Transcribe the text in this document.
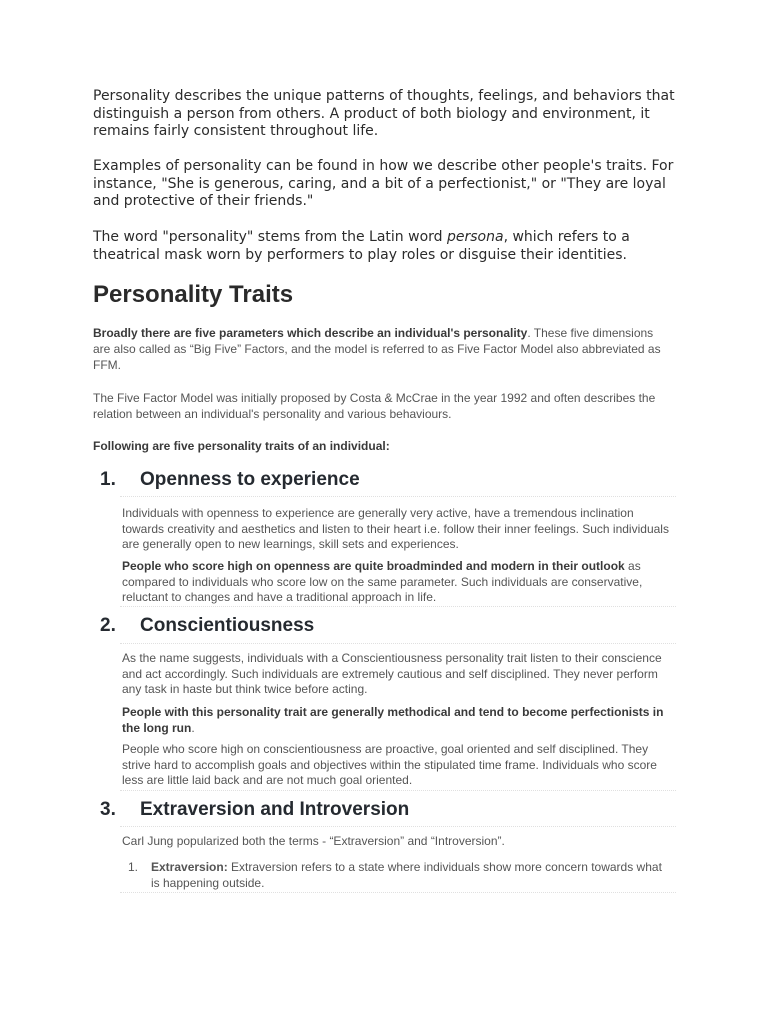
Personality describes the unique patterns of thoughts, feelings, and behaviors that distinguish a person from others. A product of both biology and environment, it remains fairly consistent throughout life.

Examples of personality can be found in how we describe other people's traits. For instance, "She is generous, caring, and a bit of a perfectionist," or "They are loyal and protective of their friends."

The word "personality" stems from the Latin word persona, which refers to a theatrical mask worn by performers to play roles or disguise their identities.

Personality Traits

Broadly there are five parameters which describe an individual's personality. These five dimensions are also called as “Big Five” Factors, and the model is referred to as Five Factor Model also abbreviated as FFM.

The Five Factor Model was initially proposed by Costa & McCrae in the year 1992 and often describes the relation between an individual's personality and various behaviours.

Following are five personality traits of an individual:

1.	Openness to experience

Individuals with openness to experience are generally very active, have a tremendous inclination towards creativity and aesthetics and listen to their heart i.e. follow their inner feelings. Such individuals are generally open to new learnings, skill sets and experiences.

People who score high on openness are quite broadminded and modern in their outlook as compared to individuals who score low on the same parameter. Such individuals are conservative, reluctant to changes and have a traditional approach in life.

2.	Conscientiousness

As the name suggests, individuals with a Conscientiousness personality trait listen to their conscience and act accordingly. Such individuals are extremely cautious and self disciplined. They never perform any task in haste but think twice before acting.

People with this personality trait are generally methodical and tend to become perfectionists in the long run.

People who score high on conscientiousness are proactive, goal oriented and self disciplined. They strive hard to accomplish goals and objectives within the stipulated time frame. Individuals who score less are little laid back and are not much goal oriented.

3.	Extraversion and Introversion

Carl Jung popularized both the terms - “Extraversion” and “Introversion”.

1.	Extraversion: Extraversion refers to a state where individuals show more concern towards what is happening outside.
